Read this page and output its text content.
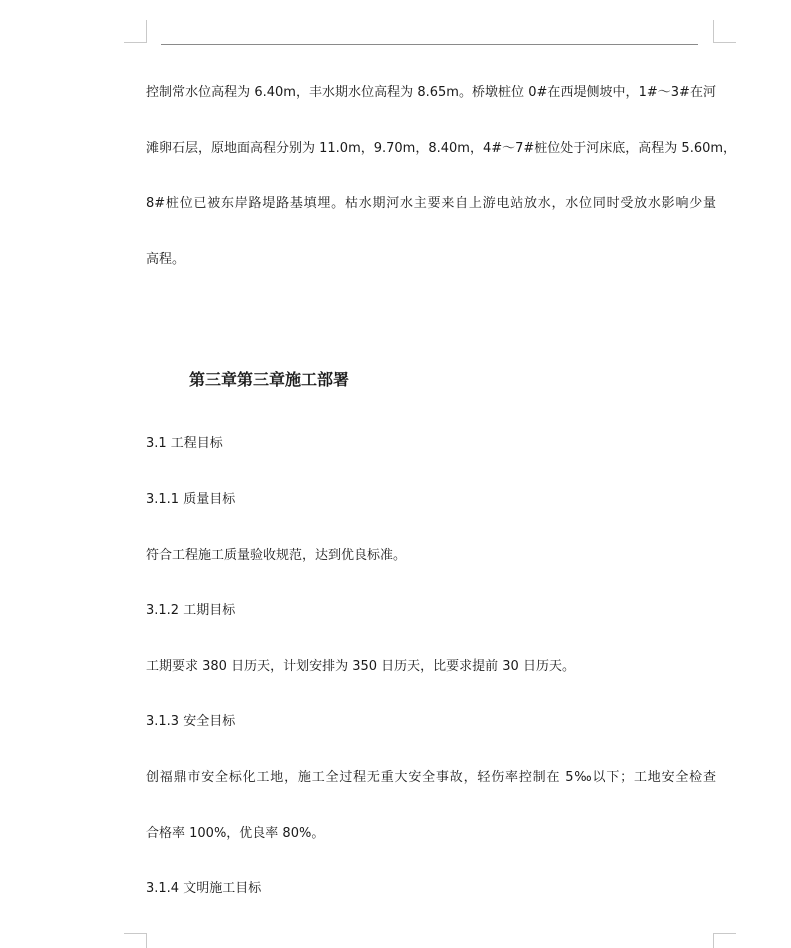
控制常水位高程为 6.40m，丰水期水位高程为 8.65m。桥墩桩位 0#在西堤侧坡中，1#～3#在河
滩卵石层，原地面高程分别为 11.0m，9.70m，8.40m，4#～7#桩位处于河床底，高程为 5.60m，
8#桩位已被东岸路堤路基填埋。枯水期河水主要来自上游电站放水，水位同时受放水影响少量
高程。
第三章第三章施工部署
3.1 工程目标
3.1.1 质量目标
符合工程施工质量验收规范，达到优良标准。
3.1.2 工期目标
工期要求 380 日历天，计划安排为 350 日历天，比要求提前 30 日历天。
3.1.3 安全目标
创福鼎市安全标化工地，施工全过程无重大安全事故，轻伤率控制在 5‰以下；工地安全检查
合格率 100%，优良率 80%。
3.1.4 文明施工目标
